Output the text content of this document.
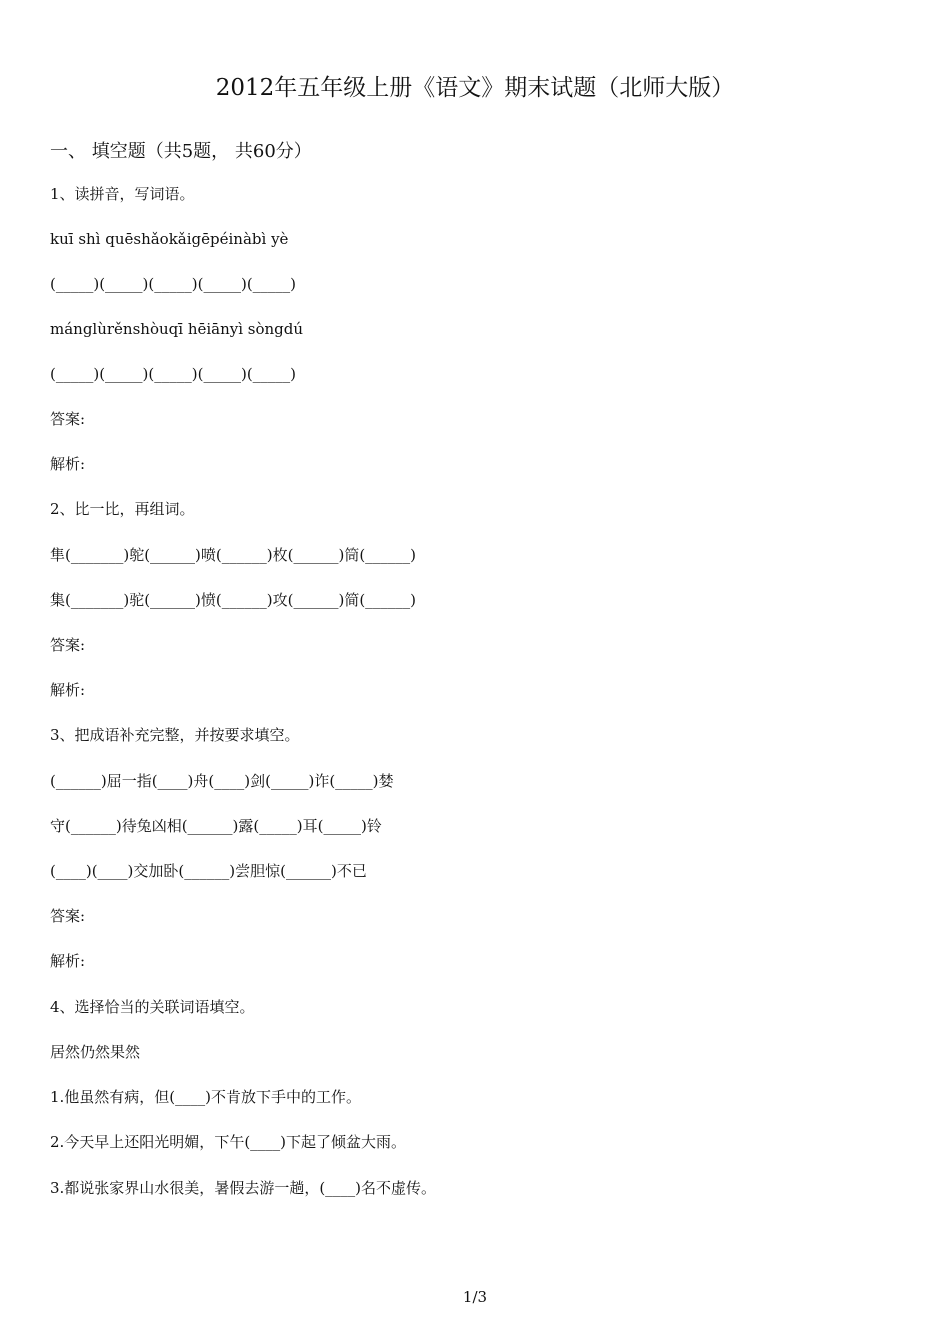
2012年五年级上册《语文》期末试题（北师大版）
一、 填空题（共5题， 共60分）
1、读拼音，写词语。
kuī shì quēshǎokǎigēpéinàbì yè
(_____)(_____)(_____)(_____)(_____)
mánglùrěnshòuqī hēiānyì sòngdú
(_____)(_____)(_____)(_____)(_____)
答案:
解析:
2、比一比，再组词。
隼(_______)鸵(______)喷(______)枚(______)筒(______)
集(_______)驼(______)愤(______)攻(______)简(______)
答案:
解析:
3、把成语补充完整，并按要求填空。
(______)屈一指(____)舟(____)剑(_____)诈(_____)婪
守(______)待兔凶相(______)露(_____)耳(_____)铃
(____)(____)交加卧(______)尝胆惊(______)不已
答案:
解析:
4、选择恰当的关联词语填空。
居然仍然果然
1.他虽然有病，但(____)不肯放下手中的工作。
2.今天早上还阳光明媚，下午(____)下起了倾盆大雨。
3.都说张家界山水很美，暑假去游一趟，(____)名不虚传。
1/3
